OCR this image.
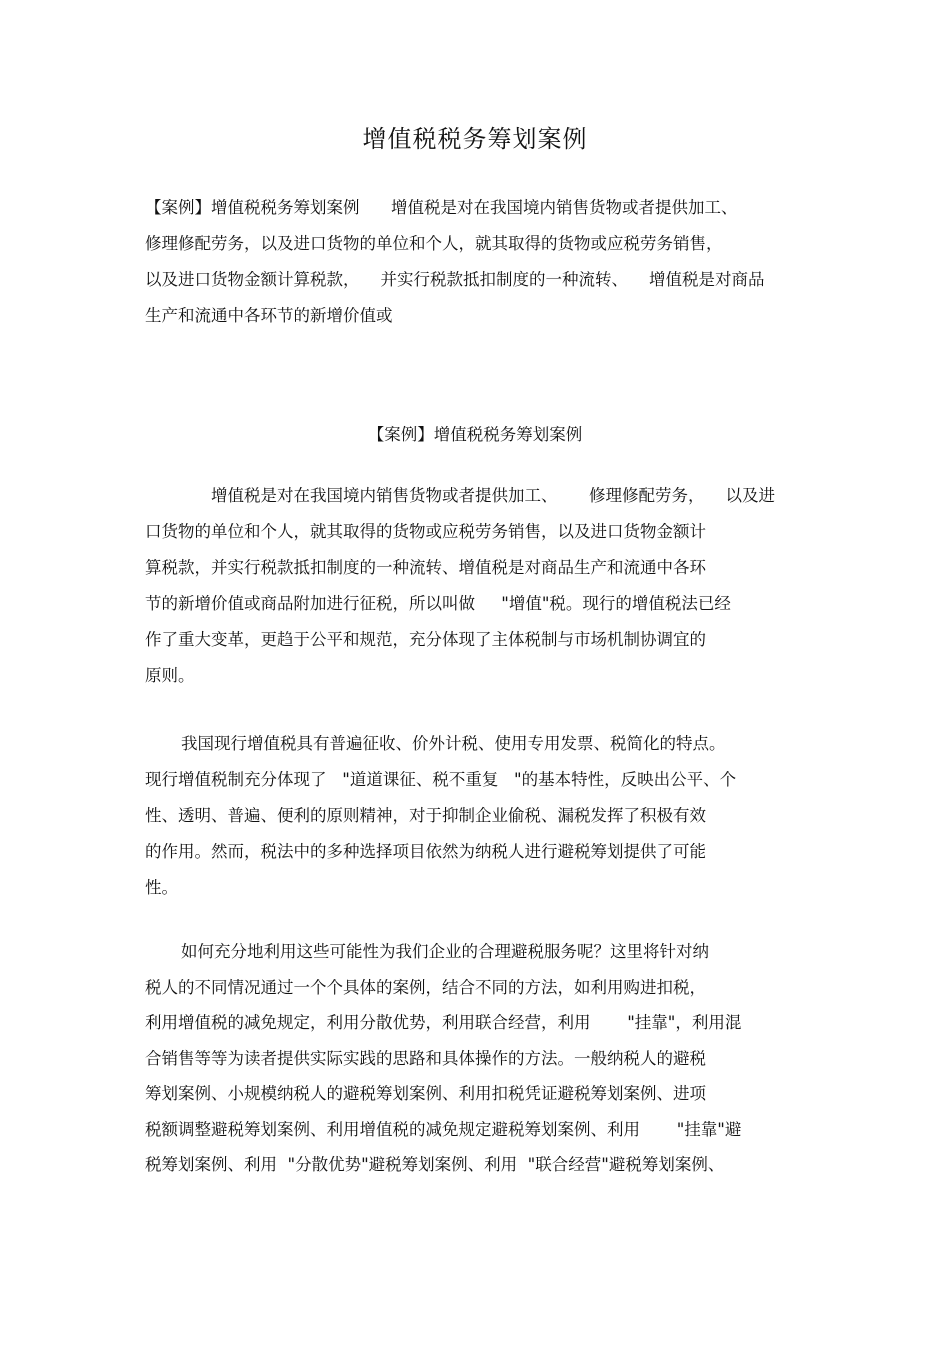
增值税税务筹划案例
【案例】增值税税务筹划案例      增值税是对在我国境内销售货物或者提供加工、
修理修配劳务，以及进口货物的单位和个人，就其取得的货物或应税劳务销售，
以及进口货物金额计算税款，    并实行税款抵扣制度的一种流转、    增值税是对商品
生产和流通中各环节的新增价值或
【案例】增值税税务筹划案例
增值税是对在我国境内销售货物或者提供加工、      修理修配劳务，    以及进
口货物的单位和个人，就其取得的货物或应税劳务销售，以及进口货物金额计
算税款，并实行税款抵扣制度的一种流转、增值税是对商品生产和流通中各环
节的新增价值或商品附加进行征税，所以叫做     "增值"税。现行的增值税法已经
作了重大变革，更趋于公平和规范，充分体现了主体税制与市场机制协调宜的
原则。
我国现行增值税具有普遍征收、价外计税、使用专用发票、税简化的特点。
现行增值税制充分体现了   "道道课征、税不重复   "的基本特性，反映出公平、个
性、透明、普遍、便利的原则精神，对于抑制企业偷税、漏税发挥了积极有效
的作用。然而，税法中的多种选择项目依然为纳税人进行避税筹划提供了可能
性。
如何充分地利用这些可能性为我们企业的合理避税服务呢？这里将针对纳
税人的不同情况通过一个个具体的案例，结合不同的方法，如利用购进扣税，
利用增值税的减免规定，利用分散优势，利用联合经营，利用       "挂靠"，利用混
合销售等等为读者提供实际实践的思路和具体操作的方法。一般纳税人的避税
筹划案例、小规模纳税人的避税筹划案例、利用扣税凭证避税筹划案例、进项
税额调整避税筹划案例、利用增值税的减免规定避税筹划案例、利用       "挂靠"避
税筹划案例、利用  "分散优势"避税筹划案例、利用  "联合经营"避税筹划案例、
